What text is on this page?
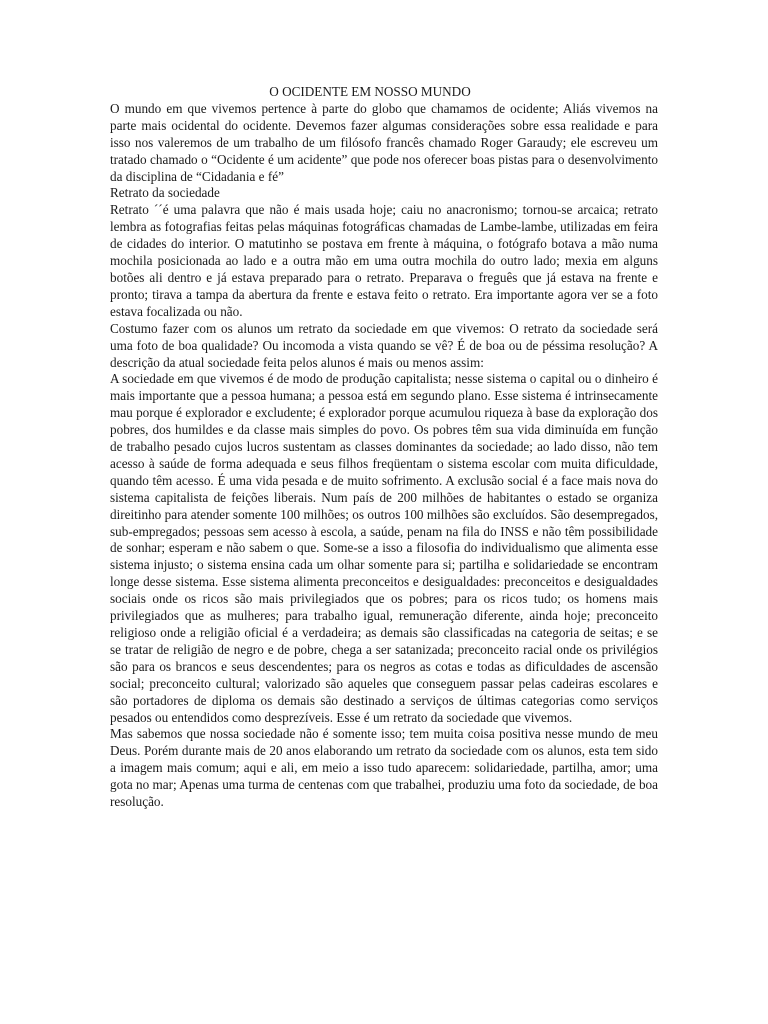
O OCIDENTE EM NOSSO MUNDO

O mundo em que vivemos pertence à parte do globo que chamamos de ocidente; Aliás vivemos na parte mais ocidental do ocidente. Devemos fazer algumas considerações sobre essa realidade e para isso nos valeremos de um trabalho de um filósofo francês chamado Roger Garaudy; ele escreveu um tratado chamado o “Ocidente é um acidente” que pode nos oferecer boas pistas para o desenvolvimento da disciplina de “Cidadania e fé”

Retrato da sociedade

Retrato ´´é uma palavra que não é mais usada hoje; caiu no anacronismo; tornou-se arcaica; retrato lembra as fotografias feitas pelas máquinas fotográficas chamadas de Lambe-lambe, utilizadas em feira de cidades do interior. O matutinho se postava em frente à máquina, o fotógrafo botava a mão numa mochila posicionada ao lado e a outra mão em uma outra mochila do outro lado; mexia em alguns botões ali dentro e já estava preparado para o retrato. Preparava o freguês que já estava na frente e pronto; tirava a tampa da abertura da frente e estava feito o retrato. Era importante agora ver se a foto estava focalizada ou não.

Costumo fazer com os alunos um retrato da sociedade em que vivemos: O retrato da sociedade será uma foto de boa qualidade? Ou incomoda a vista quando se vê? É de boa ou de péssima resolução? A descrição da atual sociedade feita pelos alunos é mais ou menos assim:

A sociedade em que vivemos é de modo de produção capitalista; nesse sistema o capital ou o dinheiro é mais importante que a pessoa humana; a pessoa está em segundo plano. Esse sistema é intrinsecamente mau porque é explorador e excludente; é explorador porque acumulou riqueza à base da exploração dos pobres, dos humildes e da classe mais simples do povo. Os pobres têm sua vida diminuída em função de trabalho pesado cujos lucros sustentam as classes dominantes da sociedade; ao lado disso, não tem acesso à saúde de forma adequada e seus filhos freqüentam o sistema escolar com muita dificuldade, quando têm acesso. É uma vida pesada e de muito sofrimento. A exclusão social é a face mais nova do sistema capitalista de feições liberais. Num país de 200 milhões de habitantes o estado se organiza direitinho para atender somente 100 milhões; os outros 100 milhões são excluídos. São desempregados, sub-empregados; pessoas sem acesso à escola, a saúde, penam na fila do INSS e não têm possibilidade de sonhar; esperam e não sabem o que. Some-se a isso a filosofia do individualismo que alimenta esse sistema injusto; o sistema ensina cada um olhar somente para si; partilha e solidariedade se encontram longe desse sistema. Esse sistema alimenta preconceitos e desigualdades: preconceitos e desigualdades sociais onde os ricos são mais privilegiados que os pobres; para os ricos tudo; os homens mais privilegiados que as mulheres; para trabalho igual, remuneração diferente, ainda hoje; preconceito religioso onde a religião oficial é a verdadeira; as demais são classificadas na categoria de seitas; e se se tratar de religião de negro e de pobre, chega a ser satanizada; preconceito racial onde os privilégios são para os brancos e seus descendentes; para os negros as cotas e todas as dificuldades de ascensão social; preconceito cultural; valorizado são aqueles que conseguem passar pelas cadeiras escolares e são portadores de diploma os demais são destinado a serviços de últimas categorias como serviços pesados ou entendidos como desprezíveis. Esse é um retrato da sociedade que vivemos.

Mas sabemos que nossa sociedade não é somente isso; tem muita coisa positiva nesse mundo de meu Deus. Porém durante mais de 20 anos elaborando um retrato da sociedade com os alunos, esta tem sido a imagem mais comum; aqui e ali, em meio a isso tudo aparecem: solidariedade, partilha, amor; uma gota no mar; Apenas uma turma de centenas com que trabalhei, produziu uma foto da sociedade, de boa resolução.
